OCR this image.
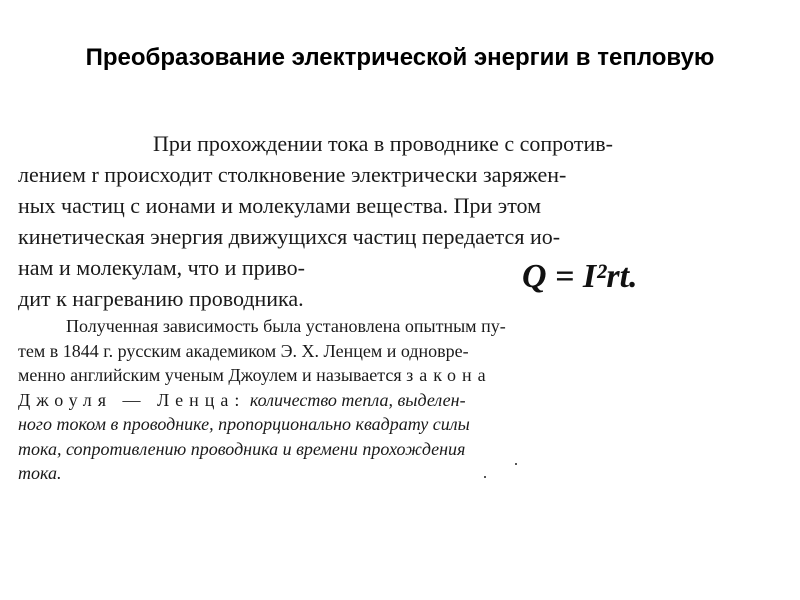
Преобразование электрической энергии в тепловую
При прохождении тока в проводнике с сопротив-
лением r происходит столкновение электрически заряжен-
ных частиц с ионами и молекулами вещества. При этом
кинетическая энергия движущихся частиц передается ио-
нам и молекулам, что и приво-
дит к нагреванию проводника.
Q = I²rt.
Полученная зависимость была установлена опытным пу-
тем в 1844 г. русским академиком Э. Х. Ленцем и одновре-
менно английским ученым Джоулем и называется закона
Джоуля — Ленца: количество тепла, выделен-
ного током в проводнике, пропорционально квадрату силы
тока, сопротивлению проводника и времени прохождения
тока.
